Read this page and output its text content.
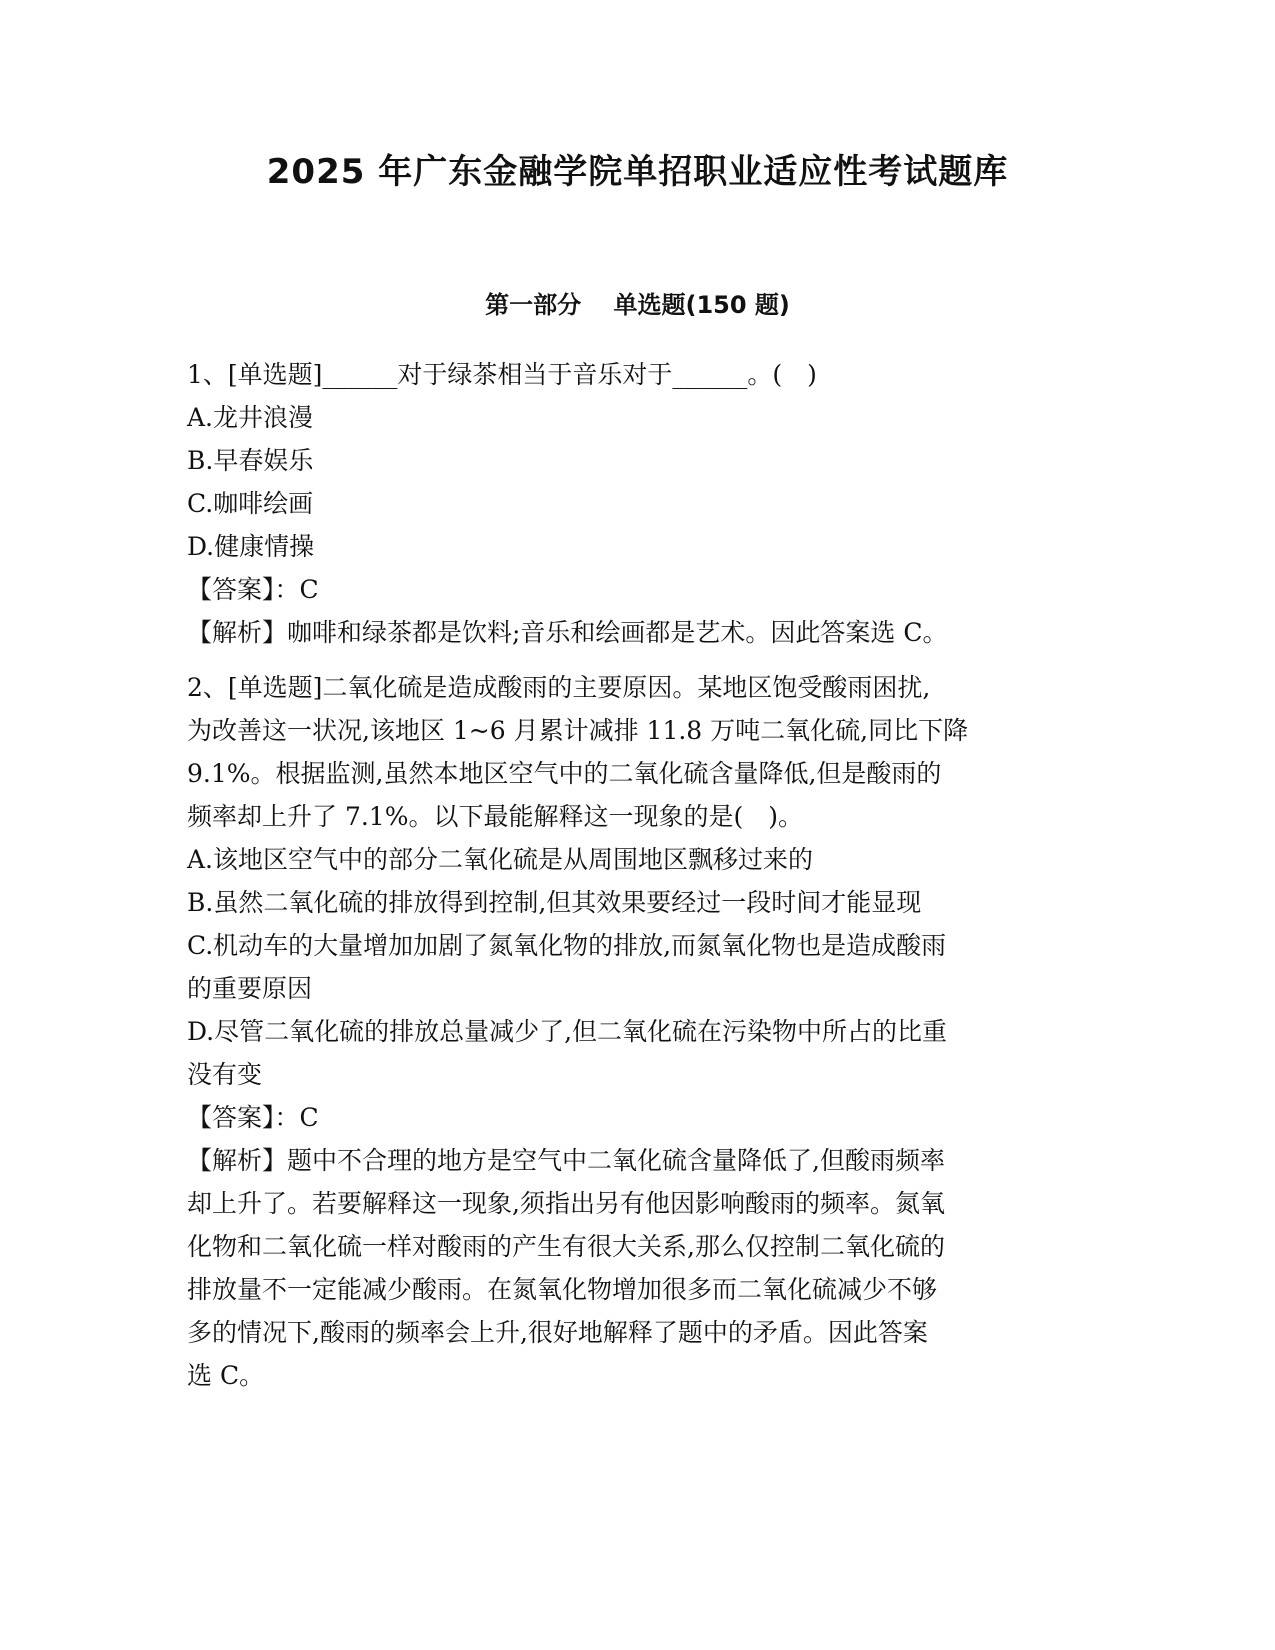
2025 年广东金融学院单招职业适应性考试题库
第一部分　 单选题(150 题)
1、[单选题]______对于绿茶相当于音乐对于______。(　)
A.龙井浪漫
B.早春娱乐
C.咖啡绘画
D.健康情操
【答案】：C
【解析】咖啡和绿茶都是饮料;音乐和绘画都是艺术。因此答案选 C。
2、[单选题]二氧化硫是造成酸雨的主要原因。某地区饱受酸雨困扰,
为改善这一状况,该地区 1~6 月累计减排 11.8 万吨二氧化硫,同比下降
9.1%。根据监测,虽然本地区空气中的二氧化硫含量降低,但是酸雨的
频率却上升了 7.1%。以下最能解释这一现象的是(　)。
A.该地区空气中的部分二氧化硫是从周围地区飘移过来的
B.虽然二氧化硫的排放得到控制,但其效果要经过一段时间才能显现
C.机动车的大量增加加剧了氮氧化物的排放,而氮氧化物也是造成酸雨
的重要原因
D.尽管二氧化硫的排放总量减少了,但二氧化硫在污染物中所占的比重
没有变
【答案】：C
【解析】题中不合理的地方是空气中二氧化硫含量降低了,但酸雨频率
却上升了。若要解释这一现象,须指出另有他因影响酸雨的频率。氮氧
化物和二氧化硫一样对酸雨的产生有很大关系,那么仅控制二氧化硫的
排放量不一定能减少酸雨。在氮氧化物增加很多而二氧化硫减少不够
多的情况下,酸雨的频率会上升,很好地解释了题中的矛盾。因此答案
选 C。
